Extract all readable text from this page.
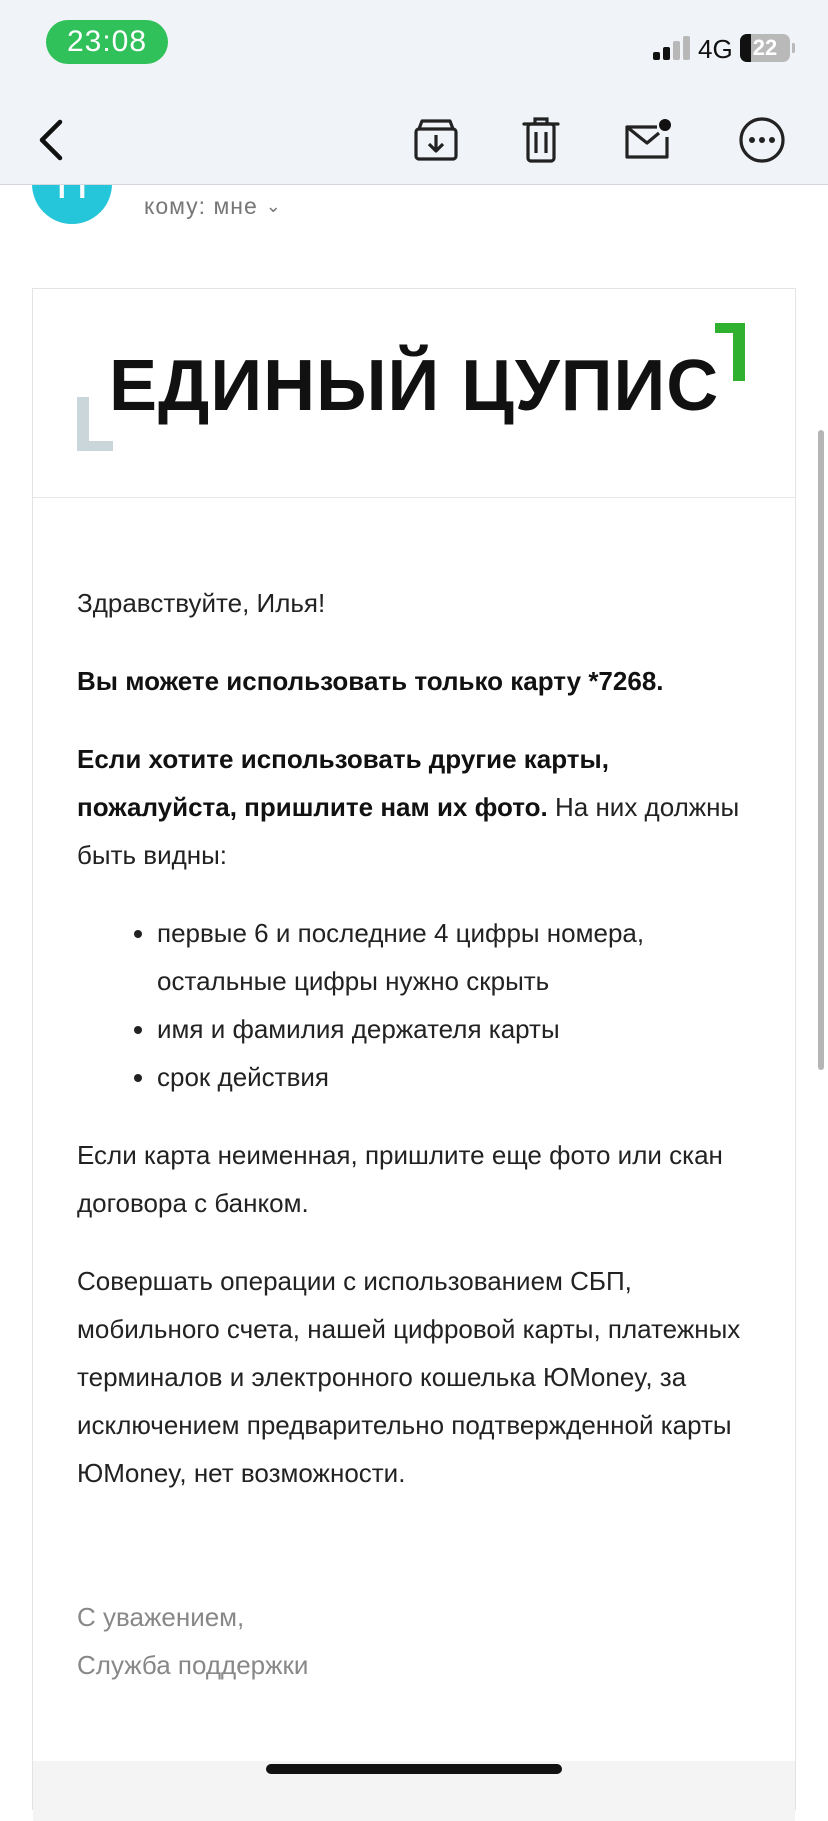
23:08	4G 22
кому: мне ⌄
ЕДИНЫЙ ЦУПИС

Здравствуйте, Илья!

Вы можете использовать только карту *7268.

Если хотите использовать другие карты, пожалуйста, пришлите нам их фото. На них должны быть видны:

• первые 6 и последние 4 цифры номера, остальные цифры нужно скрыть
• имя и фамилия держателя карты
• срок действия

Если карта неименная, пришлите еще фото или скан договора с банком.

Совершать операции с использованием СБП, мобильного счета, нашей цифровой карты, платежных терминалов и электронного кошелька ЮMoney, за исключением предварительно подтвержденной карты ЮMoney, нет возможности.

С уважением,
Служба поддержки
